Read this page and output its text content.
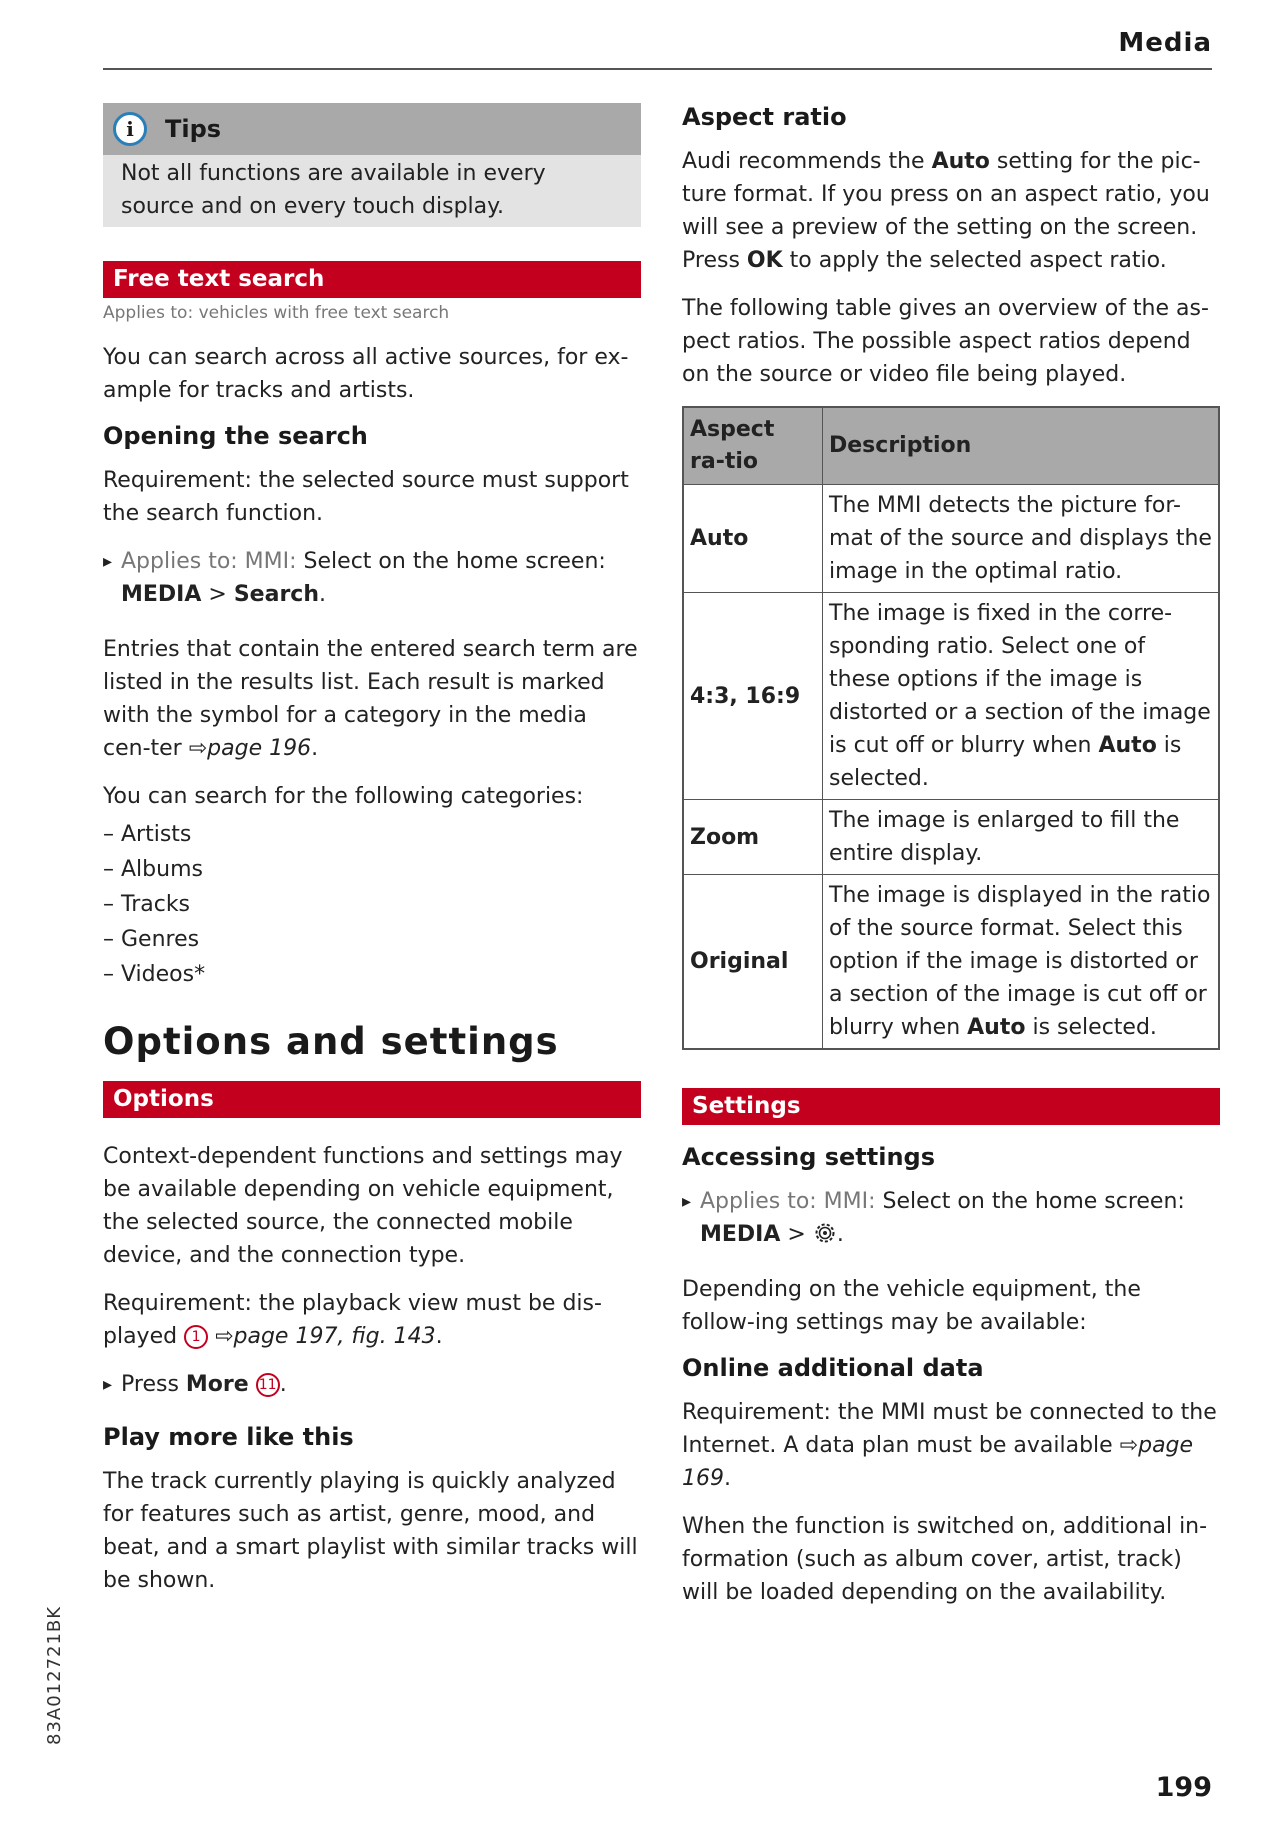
Media
i	Tips
Not all functions are available in every source and on every touch display.
Free text search
Applies to: vehicles with free text search

You can search across all active sources, for ex-ample for tracks and artists.

Opening the search

Requirement: the selected source must support the search function.

▸ Applies to: MMI: Select on the home screen:
MEDIA > Search.

Entries that contain the entered search term are listed in the results list. Each result is marked with the symbol for a category in the media cen-ter ⇨page 196.

You can search for the following categories:

– Artists
– Albums
– Tracks
– Genres
– Videos*
Options and settings
Options

Context-dependent functions and settings may be available depending on vehicle equipment, the selected source, the connected mobile device, and the connection type.

Requirement: the playback view must be dis-played 1 ⇨page 197, fig. 143.

▸ Press More 11 .
Play more like this

The track currently playing is quickly analyzed for features such as artist, genre, mood, and beat, and a smart playlist with similar tracks will be shown.

Aspect ratio

Audi recommends the Auto setting for the pic-ture format. If you press on an aspect ratio, you will see a preview of the setting on the screen. Press OK to apply the selected aspect ratio.

The following table gives an overview of the as-pect ratios. The possible aspect ratios depend on the source or video file being played.

Aspect ra-tio	Description
Auto	The MMI detects the picture for-mat of the source and displays the image in the optimal ratio.
4:3, 16:9	The image is fixed in the corre-sponding ratio. Select one of these options if the image is distorted or a section of the image is cut off or blurry when Auto is selected.
Zoom	The image is enlarged to fill the entire display.
Original	The image is displayed in the ratio of the source format. Select this option if the image is distorted or a section of the image is cut off or blurry when Auto is selected.
Settings
Accessing settings
▸ Applies to: MMI: Select on the home screen:
MEDIA > .

Depending on the vehicle equipment, the follow-ing settings may be available:

Online additional data

Requirement: the MMI must be connected to the Internet. A data plan must be available ⇨page 169.

When the function is switched on, additional in-formation (such as album cover, artist, track) will be loaded depending on the availability.

83A012721BK
199
